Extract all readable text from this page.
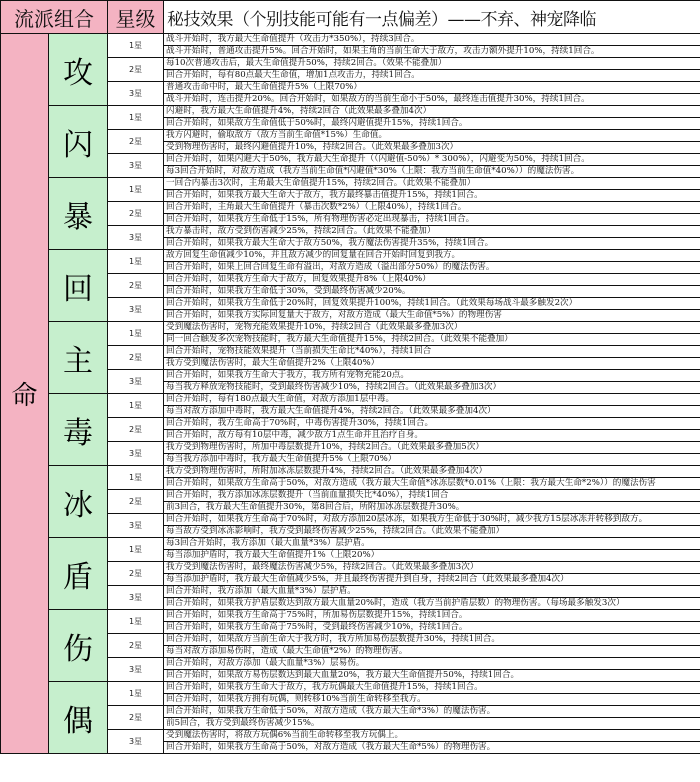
流派组合		星级	秘技效果（个别技能可能有一点偏差）——不弃、神宠降临
命	攻	1星	战斗开始时，我方最大生命值提升（攻击力*350%），持续3回合。
			战斗开始时，普通攻击提升5%。回合开始时，如果主角的当前生命大于敌方，攻击力额外提升10%，持续1回合。
		2星	每10次普通攻击后，最大生命值提升50%，持续2回合。（效果不能叠加）
			回合开始时，每有80点最大生命值，增加1点攻击力，持续1回合。
		3星	普通攻击命中时，最大生命值提升5%（上限70%）
			战斗开始时，连击提升20%。回合开始时，如果敌方的当前生命小于50%，最终连击值提升30%，持续1回合。
	闪	1星	闪避时，我方最大生命值提升4%，持续2回合（此效果最多叠加4次）
			回合开始时，如果敌方生命值低于50%时，最终闪避值提升15%，持续1回合。
		2星	我方闪避时，偷取敌方（敌方当前生命值*15%）生命值。
			受到物理伤害时，最终闪避值提升10%，持续2回合。（此效果最多叠加3次）
		3星	回合开始时，如果闪避大于50%，我方最大生命提升（（闪避值-50%）* 300%），闪避变为50%，持续1回合。
			每3回合开始时，对敌方造成（我方当前生命值*闪避值*30%（上限：我方当前生命值*40%））的魔法伤害。
	暴	1星	一回合内暴击3次时，主角最大生命值提升15%，持续2回合。（此效果不能叠加）
			回合开始时，如果我方最大生命大于敌方，我方最终暴击值提升15%，持续1回合。
		2星	回合开始时，主角最大生命值提升（暴击次数*2%）（上限40%），持续1回合。
			回合开始时，如果我方生命低于15%，所有物理伤害必定出现暴击，持续1回合。
		3星	我方暴击时，敌方受到伤害减少25%，持续2回合。（此效果不能叠加）
			回合开始时，如果我方最大生命大于敌方50%，我方魔法伤害提升35%，持续1回合。
	回	1星	敌方回复生命值减少10%，并且敌方减少的回复量在回合开始时回复到我方。
			回合开始时，如果上回合回复生命有溢出，对敌方造成（溢出部分50%）的魔法伤害。
		2星	回合开始时，如果我方生命大于敌方，回复效果提升8%（上限40%）
			回合开始时，如果我方生命低于30%，受到最终伤害减少20%。
		3星	回合开始时，如果我方生命低于20%时，回复效果提升100%，持续1回合。（此效果每场战斗最多触发2次）
			回合开始时，如果我方实际回复量大于敌方，对敌方造成（最大生命值*5%）的物理伤害
	主	1星	受到魔法伤害时，宠物充能效果提升10%，持续2回合（此效果最多叠加3次）
			同一回合触发多次宠物技能时，我方最大生命值提升15%，持续2回合。（此效果不能叠加）
		2星	回合开始时，宠物技能效果提升（当前损失生命比*40%），持续1回合
			我方受到魔法伤害时，最大生命值提升2%（上限40%）
		3星	回合开始时，如果我方生命大于我方，我方所有宠物充能20点。
			每当我方释放宠物技能时，受到最终伤害减少10%，持续2回合。（此效果最多叠加3次）
	毒	1星	回合开始时，每有180点最大生命值，对敌方添加1层中毒。
			每当对敌方添加中毒时，我方最大生命值提升4%，持续2回合。（此效果最多叠加4次）
		2星	回合开始时，我方生命高于70%时，中毒伤害提升30%，持续1回合。
			回合开始时，敌方每有10层中毒，减少敌方1点生命并且治疗自身。
		3星	我方受到物理伤害时，所加中毒层数提升10%，持续2回合。（此效果最多叠加5次）
			每当我方添加中毒时，我方最大生命值提升5%（上限70%）
	冰	1星	我方受到物理伤害时，所附加冰冻层数提升4%，持续2回合。（此效果最多叠加4次）
			回合开始时，如果敌方生命高于50%，对敌方造成（我方最大生命值*冰冻层数*0.01%（上限：我方最大生命*2%））的魔法伤害
		2星	回合开始时，我方添加冰冻层数提升（当前血量损失比*40%），持续1回合
			前3回合，我方最大生命值提升30%，第8回合后，所附加冰冻层数提升30%。
		3星	回合开始时，如果我方生命高于70%时，对敌方添加20层冰冻，如果我方生命低于30%时，减少我方15层冰冻并转移到敌方。
			每当敌方受到冰冻影响时，我方受到最终伤害减少25%，持续2回合。（此效果不能叠加）
	盾	1星	每3回合开始时，我方添加（最大血量*3%）层护盾。
			每当添加护盾时，我方最大生命值提升1%（上限20%）
		2星	我方受到魔法伤害时，最终魔法伤害减少5%，持续2回合。（此效果最多叠加3次）
			每当添加护盾时，我方最大生命值减少5%，并且最终伤害提升到自身，持续2回合（此效果最多叠加4次）
		3星	回合开始时，我方添加（最大血量*3%）层护盾。
			回合开始时，如果我方护盾层数达到敌方最大血量20%时，造成（我方当前护盾层数）的物理伤害。（每场最多触发3次）
	伤	1星	回合开始时，如果我方生命高于75%时，所加易伤层数提升15%，持续1回合。
			回合开始时，如果我方生命高于75%时，受到最终伤害减少10%，持续1回合。
		2星	回合开始时，如果敌方当前生命大于我方时，我方所加易伤层数提升30%，持续1回合。
			每当对敌方添加易伤时，造成（最大生命值*2%）的物理伤害。
		3星	回合开始时，对敌方添加（最大血量*3%）层易伤。
			回合开始时，如果敌方易伤层数达到最大血量20%，我方最大生命值提升50%，持续1回合。
	偶	1星	回合开始时，如果我方生命大于敌方，我方玩偶最大生命值提升15%，持续1回合。
			回合开始时，如果我方拥有玩偶，则转移10%当前生命转移至我方。
		2星	回合开始时，如果我方生命低于50%，对敌方造成（我方最大生命*3%）的魔法伤害。
			前5回合，我方受到最终伤害减少15%。
		3星	受到魔法伤害时，将敌方玩偶6%当前生命转移至我方玩偶上。
			回合开始时，如果我方生命高于50%，对敌方造成（我方最大生命*5%）的物理伤害。
